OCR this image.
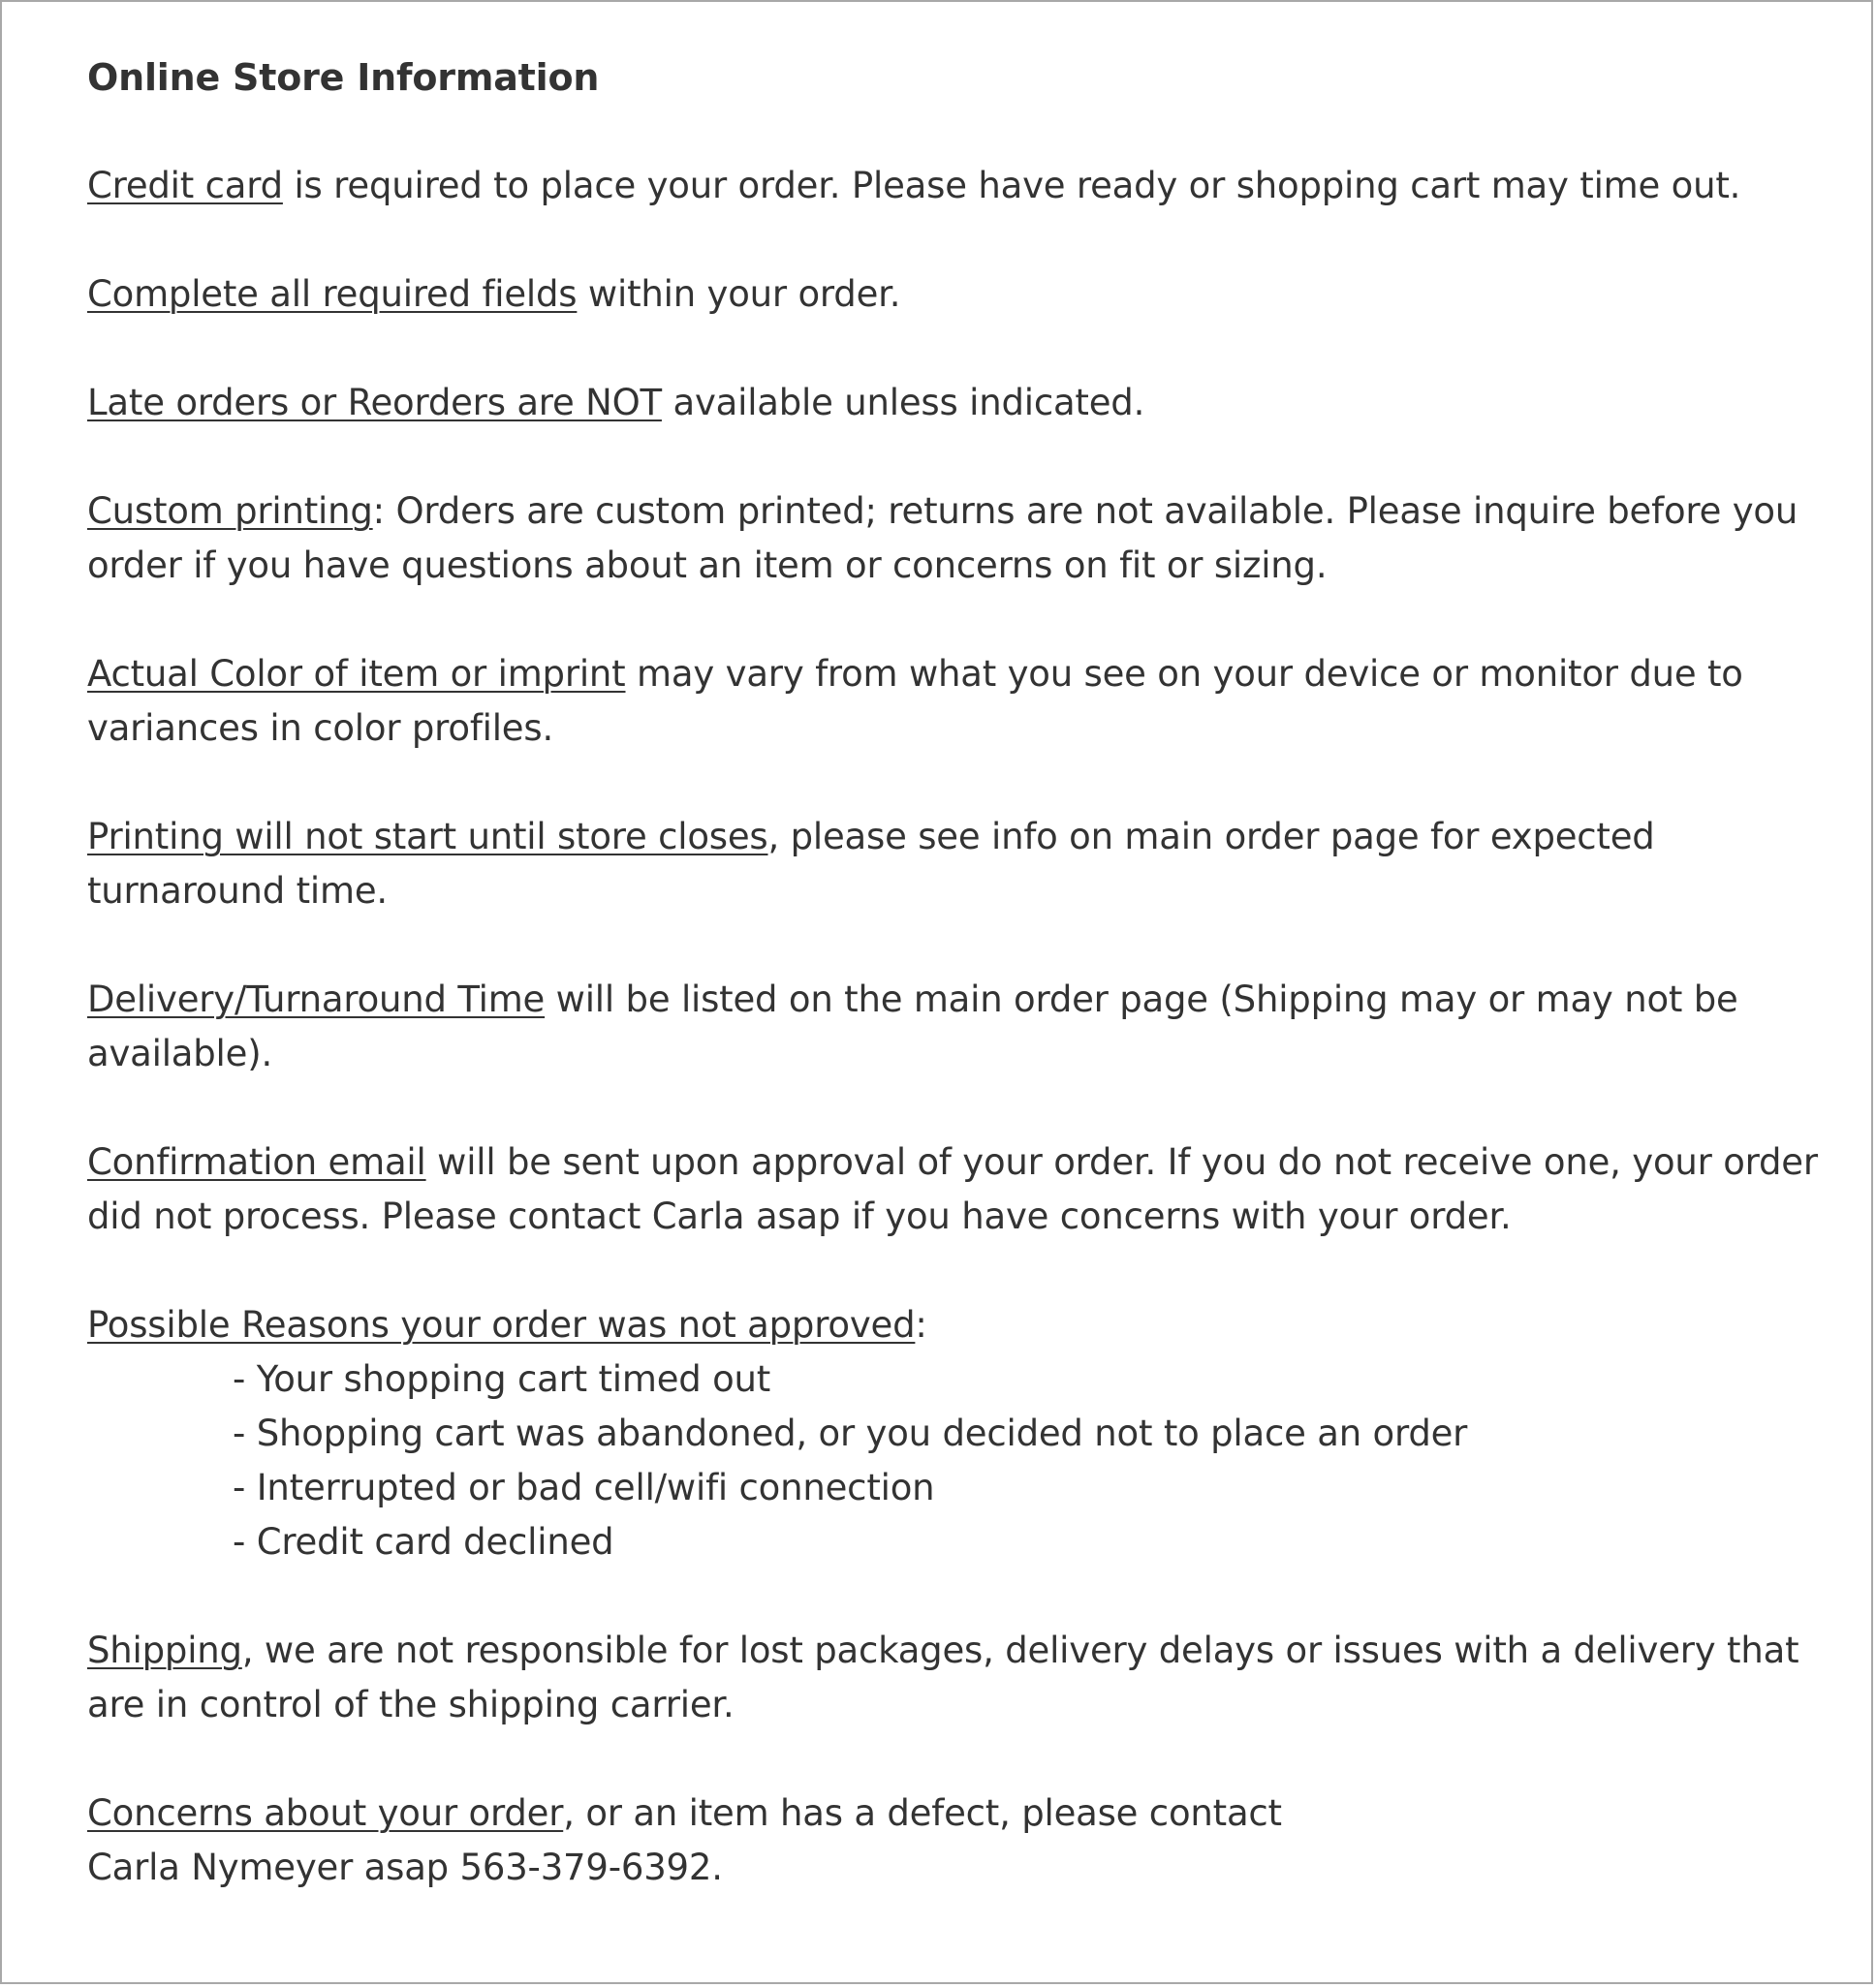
Online Store Information
Credit card is required to place your order. Please have ready or shopping cart may time out.
Complete all required fields within your order.
Late orders or Reorders are NOT available unless indicated.
Custom printing: Orders are custom printed; returns are not available. Please inquire before you order if you have questions about an item or concerns on fit or sizing.
Actual Color of item or imprint may vary from what you see on your device or monitor due to variances in color profiles.
Printing will not start until store closes, please see info on main order page for expected turnaround time.
Delivery/Turnaround Time will be listed on the main order page (Shipping may or may not be available).
Confirmation email will be sent upon approval of your order. If you do not receive one, your order did not process. Please contact Carla asap if you have concerns with your order.
Possible Reasons your order was not approved:
- Your shopping cart timed out
- Shopping cart was abandoned, or you decided not to place an order
- Interrupted or bad cell/wifi connection
- Credit card declined
Shipping, we are not responsible for lost packages, delivery delays or issues with a delivery that are in control of the shipping carrier.
Concerns about your order, or an item has a defect, please contact
Carla Nymeyer asap 563-379-6392.
